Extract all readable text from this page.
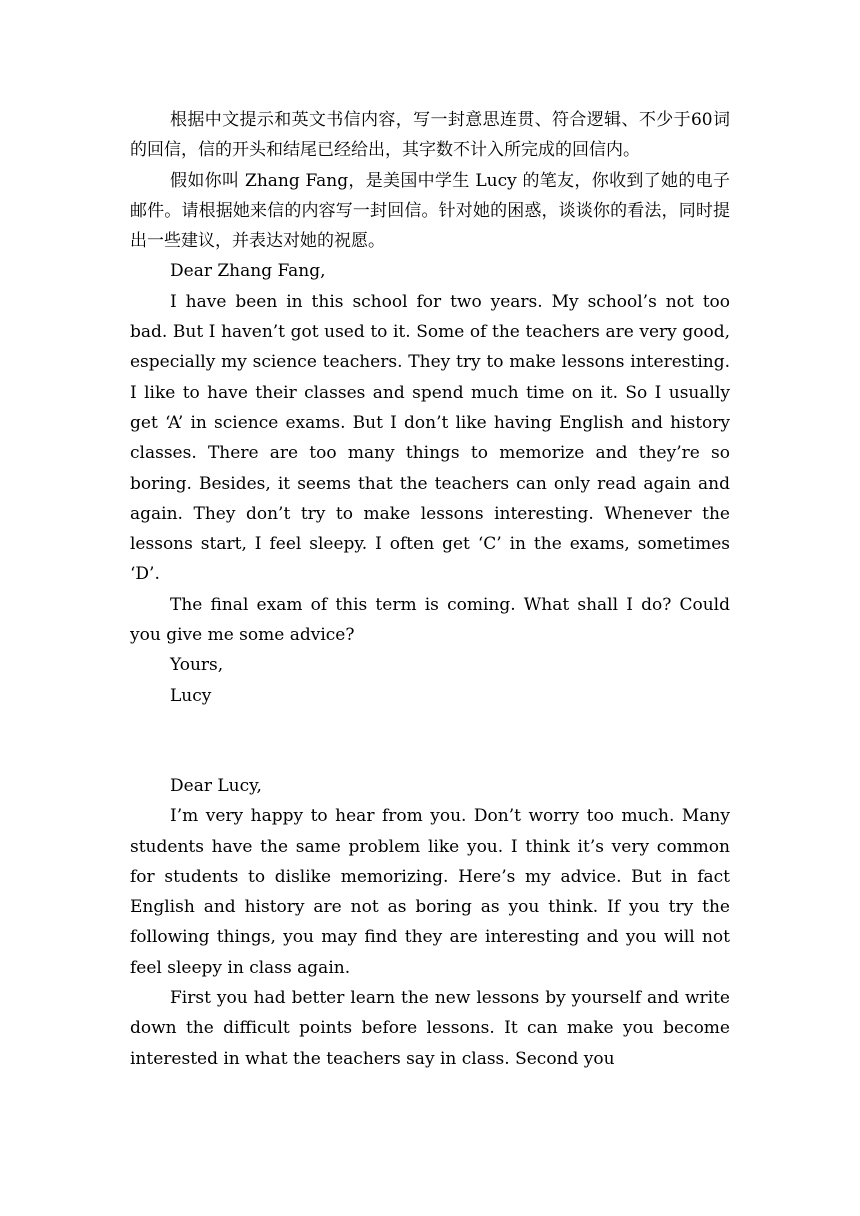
根据中文提示和英文书信内容，写一封意思连贯、符合逻辑、不少于60词的回信，信的开头和结尾已经给出，其字数不计入所完成的回信内。

假如你叫 Zhang Fang，是美国中学生 Lucy 的笔友，你收到了她的电子邮件。请根据她来信的内容写一封回信。针对她的困惑，谈谈你的看法，同时提出一些建议，并表达对她的祝愿。

Dear Zhang Fang,

I have been in this school for two years. My school’s not too bad. But I haven’t got used to it. Some of the teachers are very good, especially my science teachers. They try to make lessons interesting. I like to have their classes and spend much time on it. So I usually get ‘A’ in science exams. But I don’t like having English and history classes. There are too many things to memorize and they’re so boring. Besides, it seems that the teachers can only read again and again. They don’t try to make lessons interesting. Whenever the lessons start, I feel sleepy. I often get ‘C’ in the exams, sometimes ‘D’.

The final exam of this term is coming. What shall I do? Could you give me some advice?

Yours,

Lucy

Dear Lucy,

I’m very happy to hear from you. Don’t worry too much. Many students have the same problem like you. I think it’s very common for students to dislike memorizing. Here’s my advice. But in fact English and history are not as boring as you think. If you try the following things, you may find they are interesting and you will not feel sleepy in class again.

First you had better learn the new lessons by yourself and write down the difficult points before lessons. It can make you become interested in what the teachers say in class. Second you
